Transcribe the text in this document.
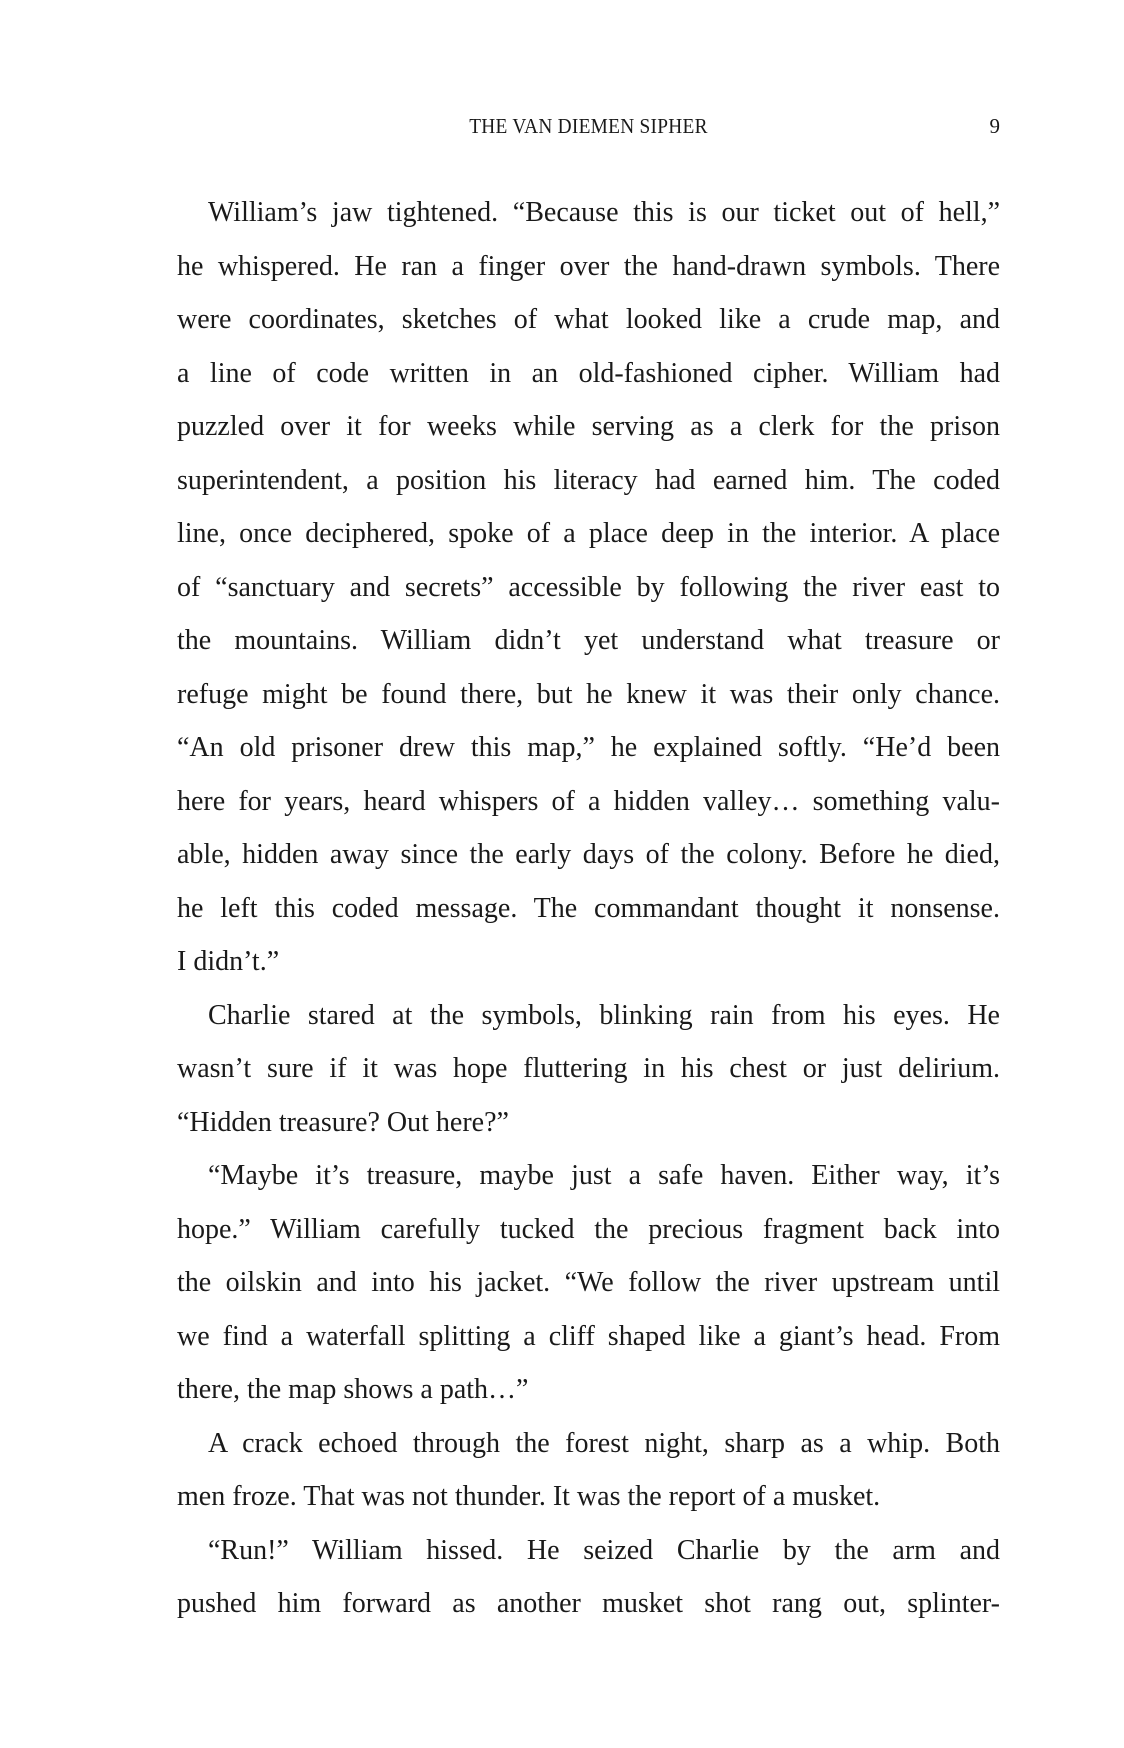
THE VAN DIEMEN SIPHER	9
William’s jaw tightened. “Because this is our ticket out of hell,”
he whispered. He ran a finger over the hand-drawn symbols. There
were coordinates, sketches of what looked like a crude map, and
a line of code written in an old-fashioned cipher. William had
puzzled over it for weeks while serving as a clerk for the prison
superintendent, a position his literacy had earned him. The coded
line, once deciphered, spoke of a place deep in the interior. A place
of “sanctuary and secrets” accessible by following the river east to
the mountains. William didn’t yet understand what treasure or
refuge might be found there, but he knew it was their only chance.
“An old prisoner drew this map,” he explained softly. “He’d been
here for years, heard whispers of a hidden valley… something valu-
able, hidden away since the early days of the colony. Before he died,
he left this coded message. The commandant thought it nonsense.
I didn’t.”
Charlie stared at the symbols, blinking rain from his eyes. He
wasn’t sure if it was hope fluttering in his chest or just delirium.
“Hidden treasure? Out here?”
“Maybe it’s treasure, maybe just a safe haven. Either way, it’s
hope.” William carefully tucked the precious fragment back into
the oilskin and into his jacket. “We follow the river upstream until
we find a waterfall splitting a cliff shaped like a giant’s head. From
there, the map shows a path…”
A crack echoed through the forest night, sharp as a whip. Both
men froze. That was not thunder. It was the report of a musket.
“Run!” William hissed. He seized Charlie by the arm and
pushed him forward as another musket shot rang out, splinter-
